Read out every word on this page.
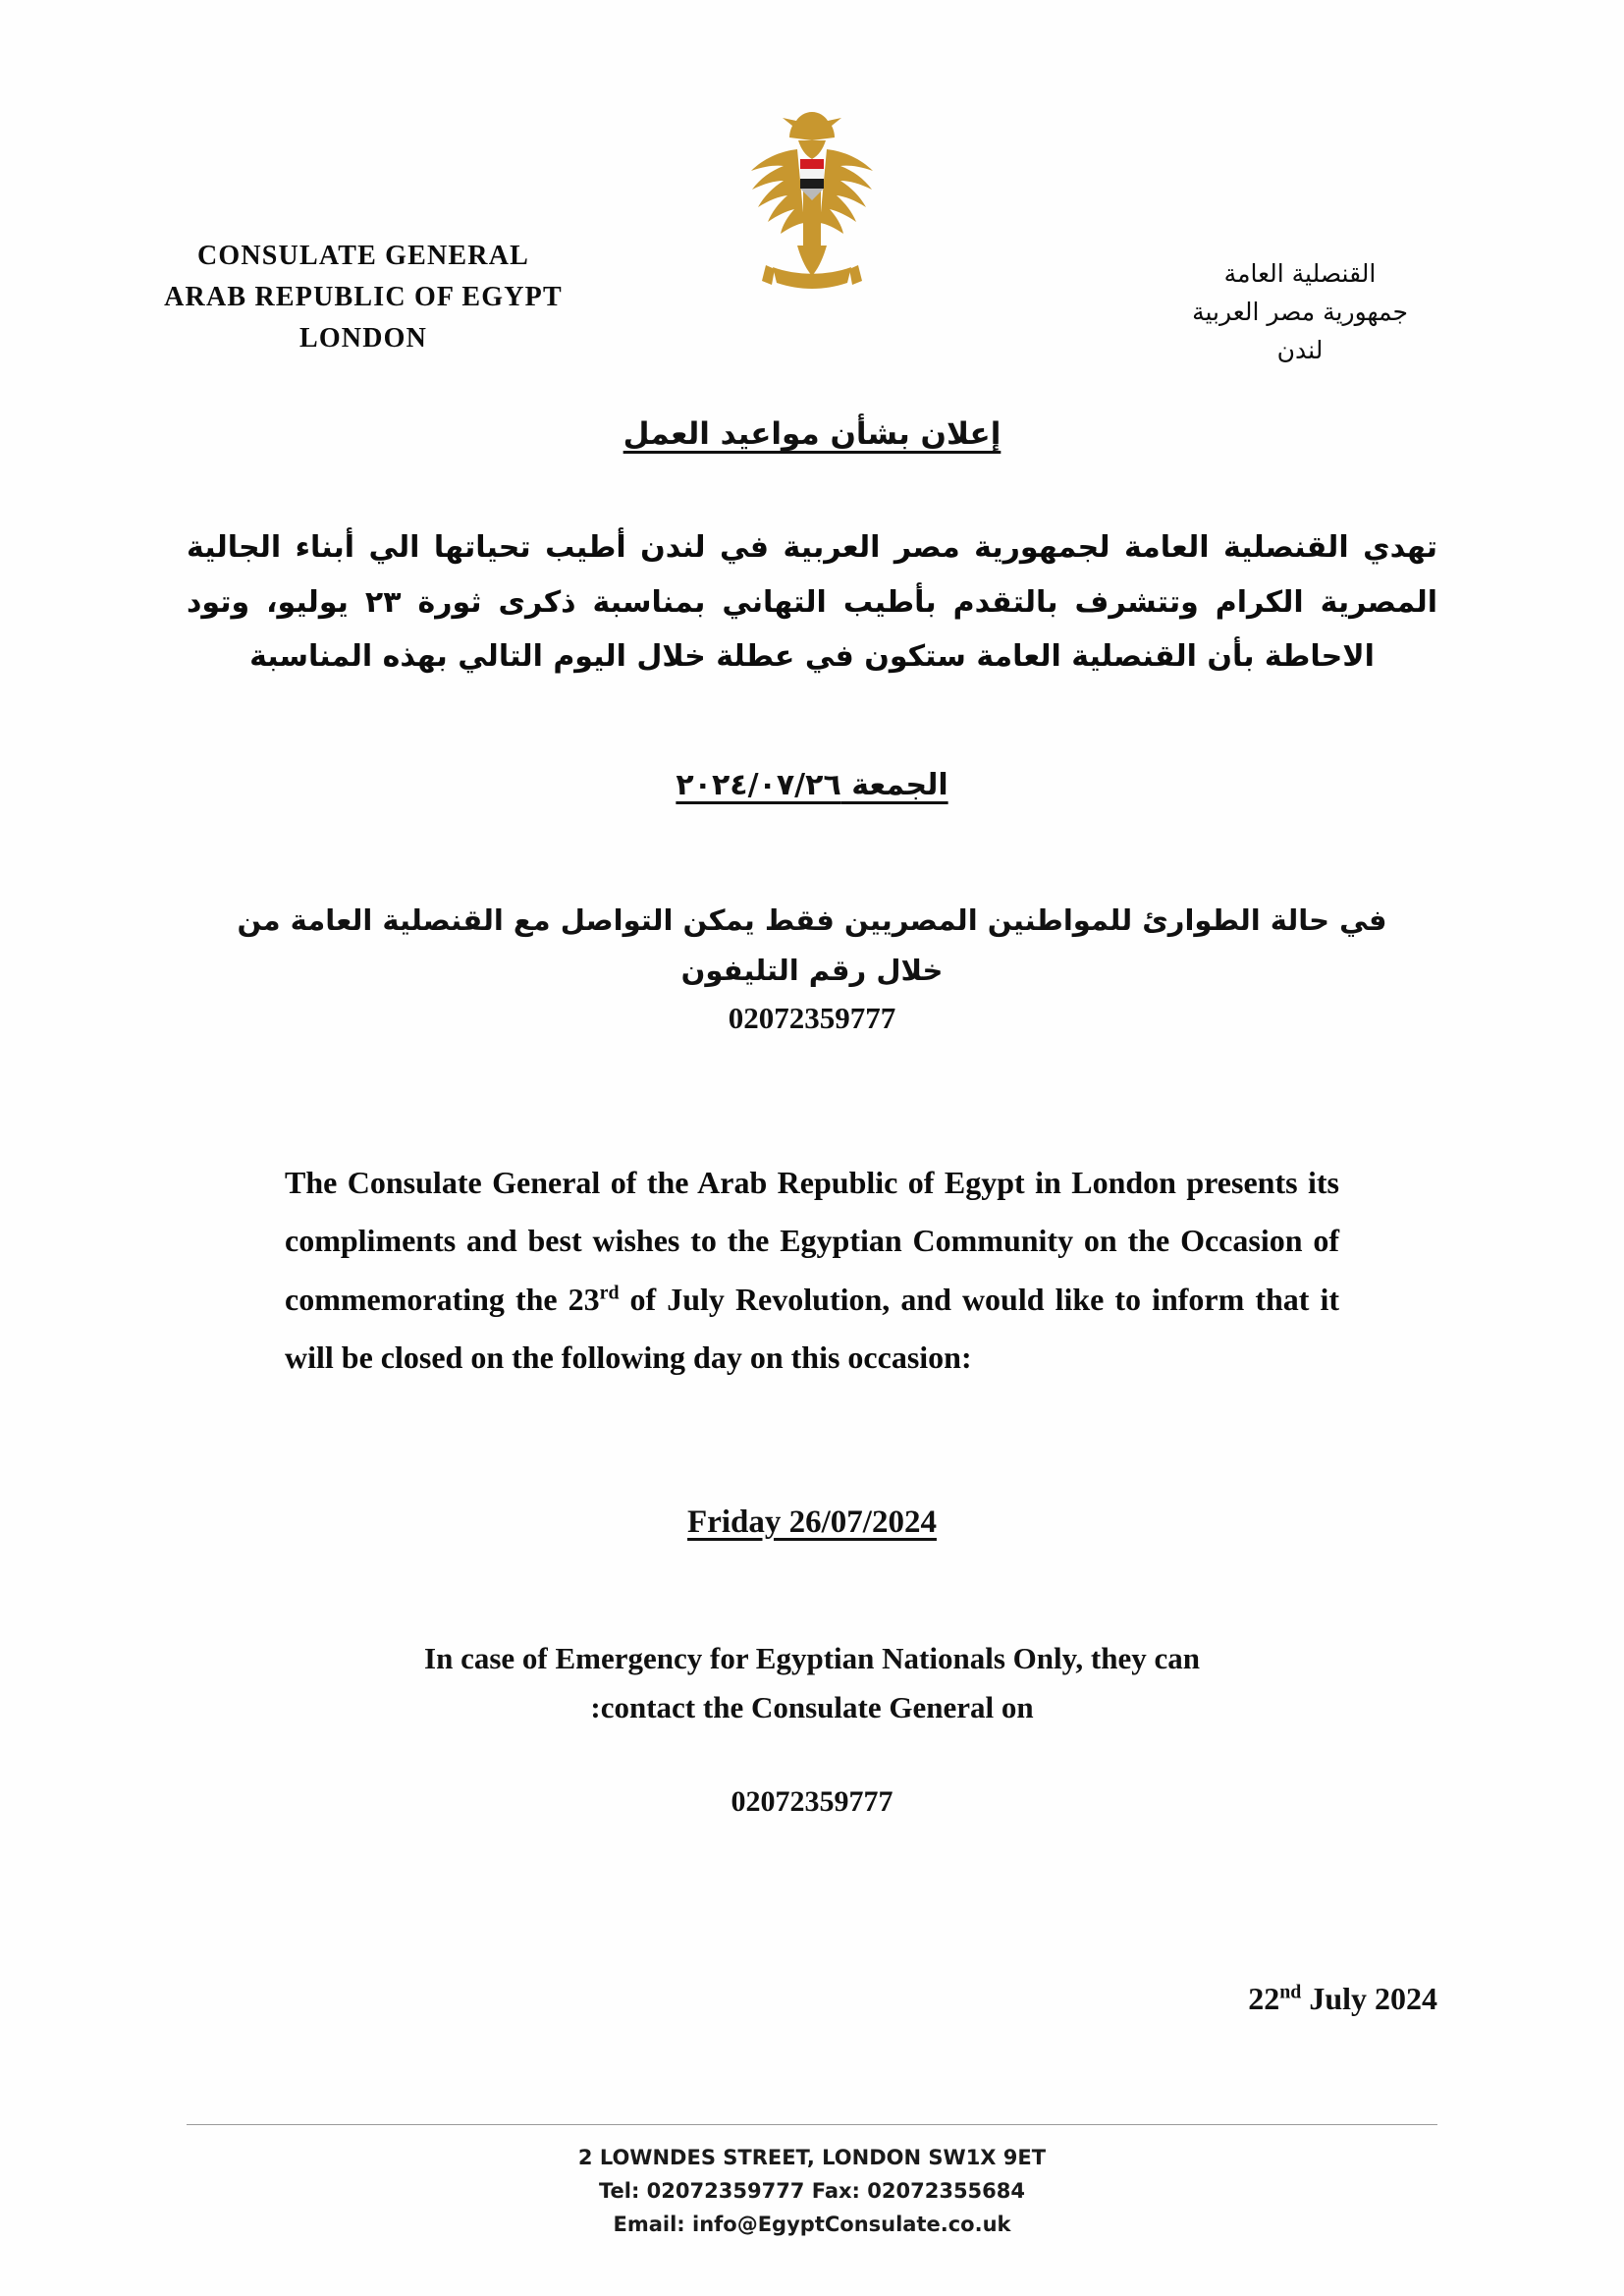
CONSULATE GENERAL
ARAB REPUBLIC OF EGYPT
LONDON
القنصلية العامة
جمهورية مصر العربية
لندن
إعلان بشأن مواعيد العمل
تهدي القنصلية العامة لجمهورية مصر العربية في لندن أطيب تحياتها الي أبناء الجالية المصرية الكرام وتتشرف بالتقدم بأطيب التهاني بمناسبة ذكرى ثورة ٢٣ يوليو، وتود الاحاطة بأن القنصلية العامة ستكون في عطلة خلال اليوم التالي بهذه المناسبة
الجمعة ٢٠٢٤/٠٧/٢٦
في حالة الطوارئ للمواطنين المصريين فقط يمكن التواصل مع القنصلية العامة من خلال رقم التليفون
02072359777
The Consulate General of the Arab Republic of Egypt in London presents its compliments and best wishes to the Egyptian Community on the Occasion of commemorating the 23rd of July Revolution, and would like to inform that it will be closed on the following day on this occasion:
Friday 26/07/2024
In case of Emergency for Egyptian Nationals Only, they can
:contact the Consulate General on
02072359777
22nd July 2024
2 LOWNDES STREET, LONDON SW1X 9ET
Tel: 02072359777 Fax: 02072355684
Email: info@EgyptConsulate.co.uk
